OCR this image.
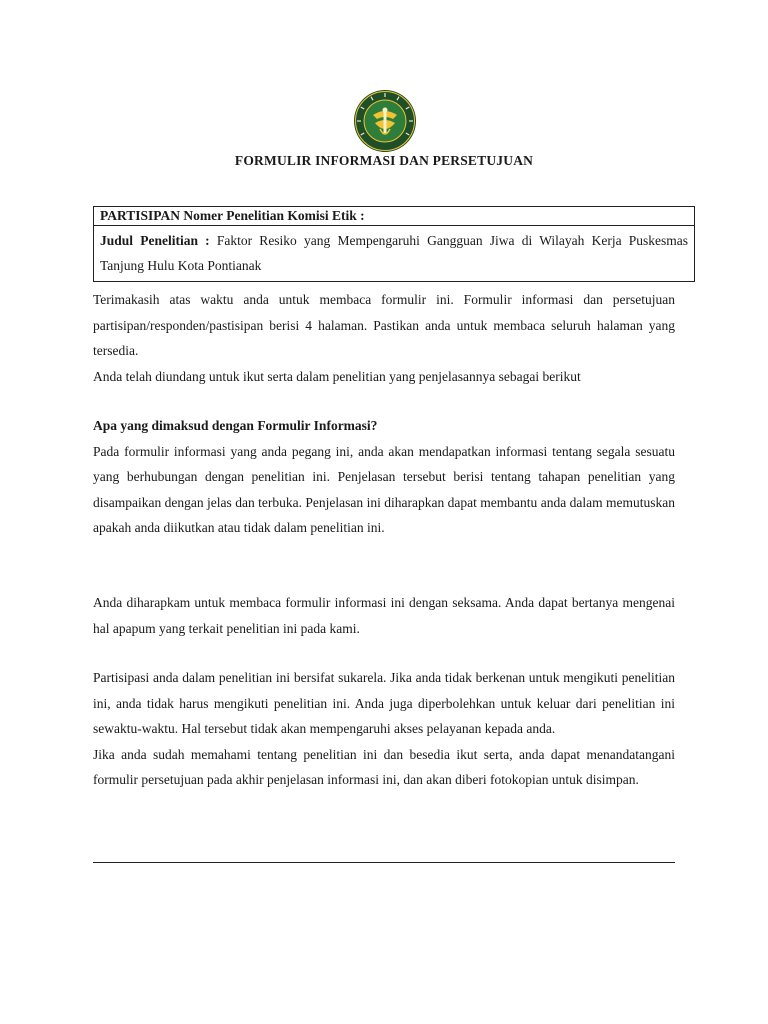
FORMULIR INFORMASI DAN PERSETUJUAN
PARTISIPAN Nomer Penelitian Komisi Etik :
Judul Penelitian : Faktor Resiko yang Mempengaruhi Gangguan Jiwa di Wilayah Kerja Puskesmas Tanjung Hulu Kota Pontianak

Terimakasih atas waktu anda untuk membaca formulir ini. Formulir informasi dan persetujuan partisipan/responden/pastisipan berisi 4 halaman. Pastikan anda untuk membaca seluruh halaman yang tersedia.

Anda telah diundang untuk ikut serta dalam penelitian yang penjelasannya sebagai berikut

Apa yang dimaksud dengan Formulir Informasi?

Pada formulir informasi yang anda pegang ini, anda akan mendapatkan informasi tentang segala sesuatu yang berhubungan dengan penelitian ini. Penjelasan tersebut berisi tentang tahapan penelitian yang disampaikan dengan jelas dan terbuka. Penjelasan ini diharapkan dapat membantu anda dalam memutuskan apakah anda diikutkan atau tidak dalam penelitian ini.

Anda diharapkam untuk membaca formulir informasi ini dengan seksama. Anda dapat bertanya mengenai hal apapum yang terkait penelitian ini pada kami.

Partisipasi anda dalam penelitian ini bersifat sukarela. Jika anda tidak berkenan untuk mengikuti penelitian ini, anda tidak harus mengikuti penelitian ini. Anda juga diperbolehkan untuk keluar dari penelitian ini sewaktu-waktu. Hal tersebut tidak akan mempengaruhi akses pelayanan kepada anda.

Jika anda sudah memahami tentang penelitian ini dan besedia ikut serta, anda dapat menandatangani formulir persetujuan pada akhir penjelasan informasi ini, dan akan diberi fotokopian untuk disimpan.
